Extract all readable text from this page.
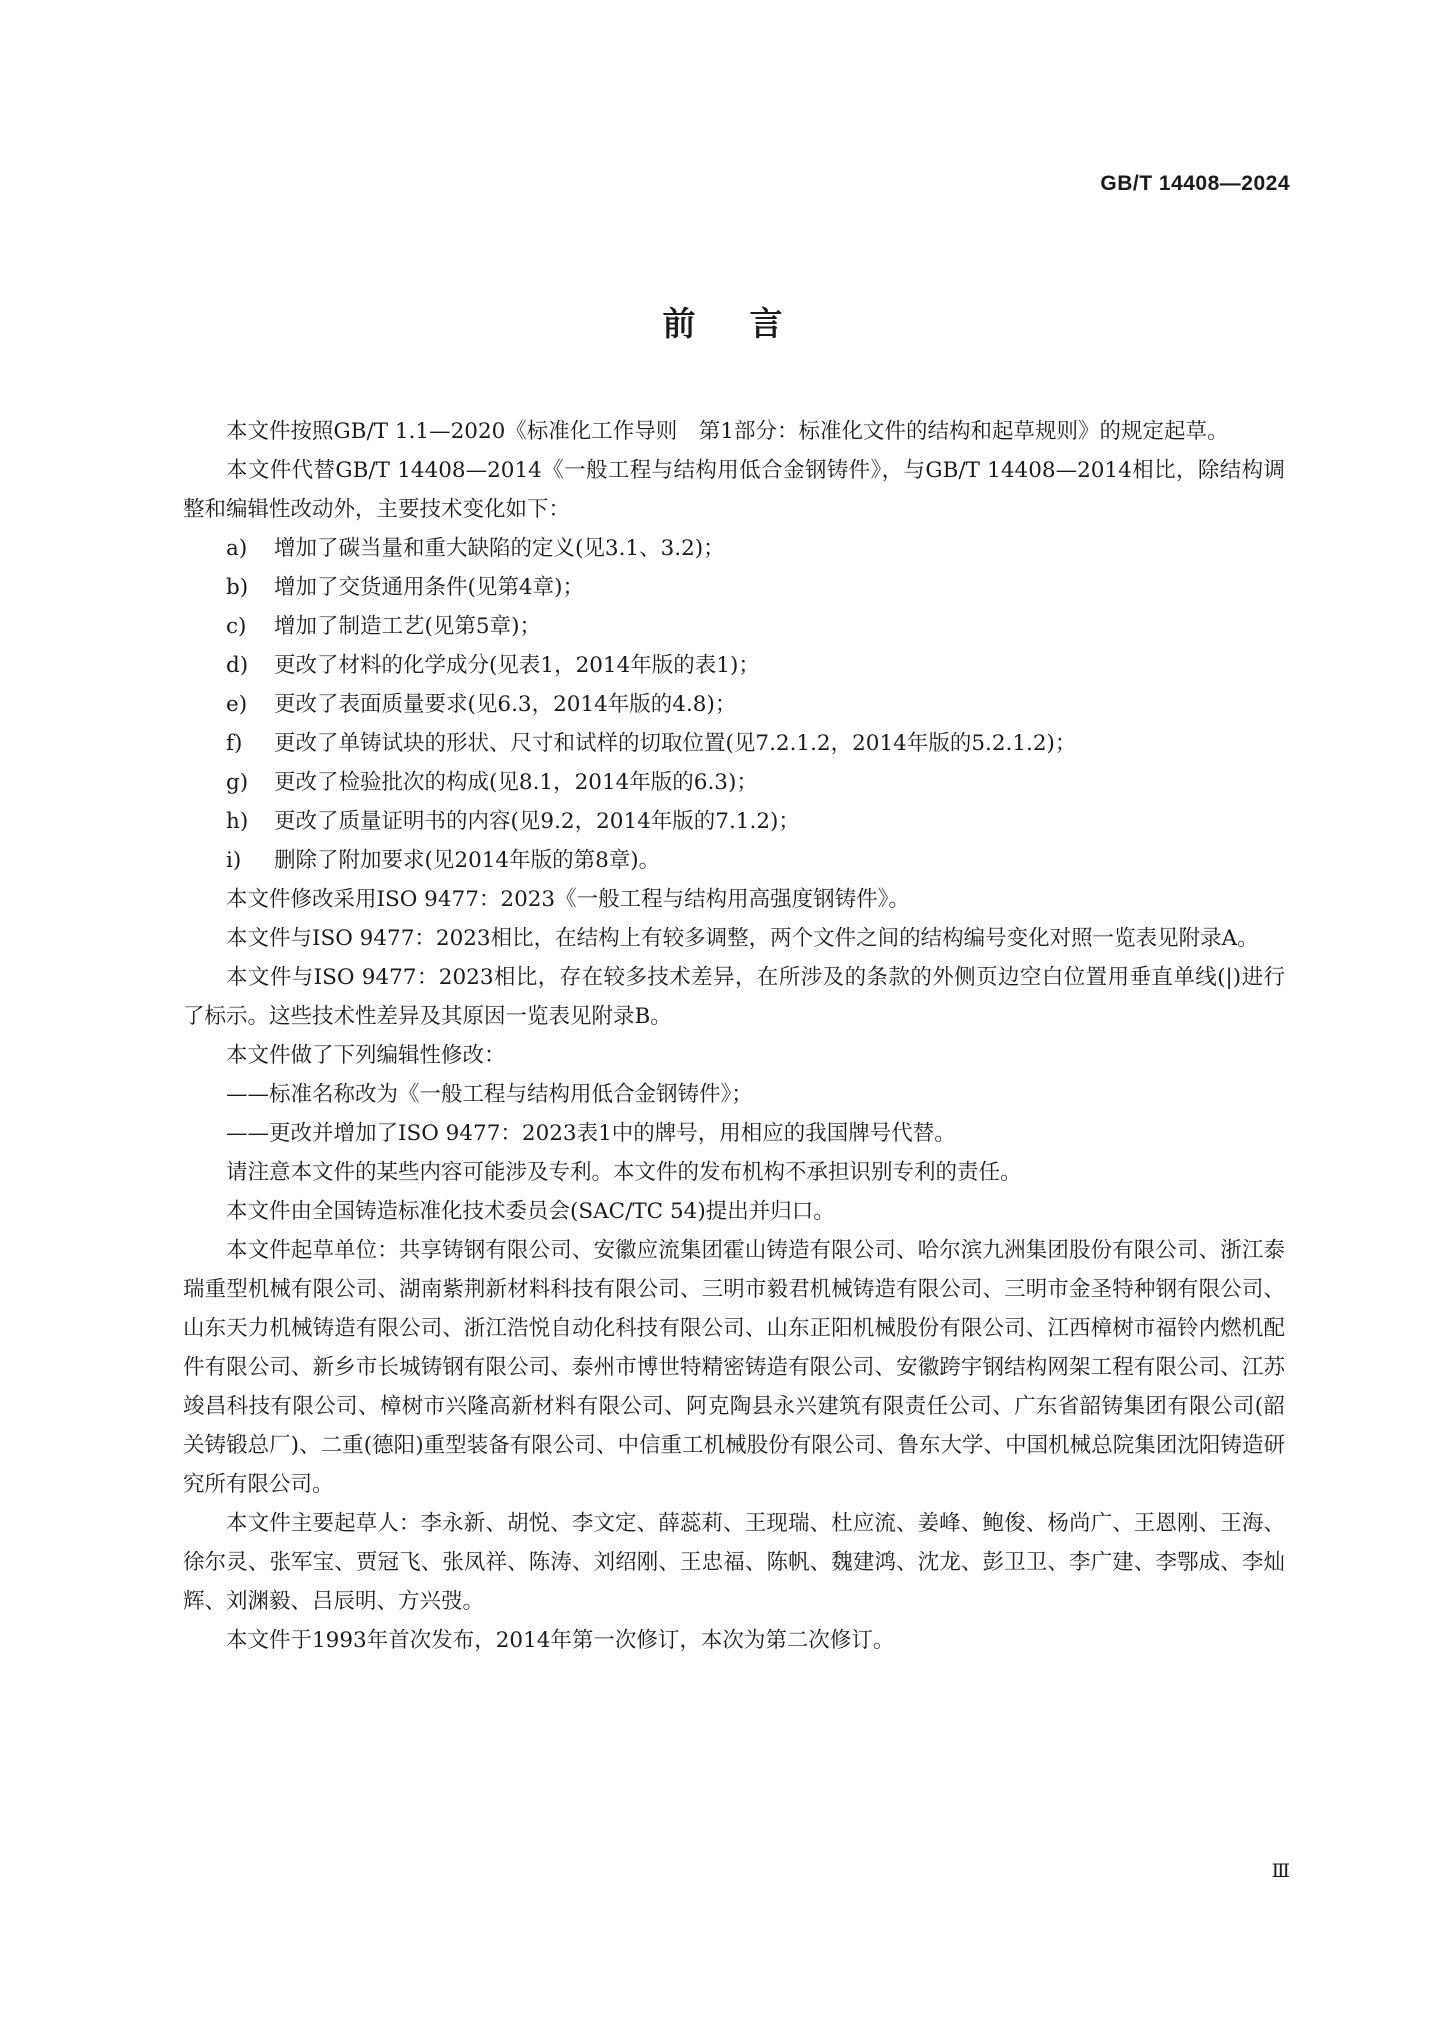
GB/T 14408—2024
前言

本文件按照GB/T 1.1—2020《标准化工作导则　第1部分：标准化文件的结构和起草规则》的规定起草。

本文件代替GB/T 14408—2014《一般工程与结构用低合金钢铸件》，与GB/T 14408—2014相比，除结构调整和编辑性改动外，主要技术变化如下：

a) 增加了碳当量和重大缺陷的定义(见3.1、3.2)；

b) 增加了交货通用条件(见第4章)；

c) 增加了制造工艺(见第5章)；

d) 更改了材料的化学成分(见表1，2014年版的表1)；

e) 更改了表面质量要求(见6.3，2014年版的4.8)；

f) 更改了单铸试块的形状、尺寸和试样的切取位置(见7.2.1.2，2014年版的5.2.1.2)；

g) 更改了检验批次的构成(见8.1，2014年版的6.3)；

h) 更改了质量证明书的内容(见9.2，2014年版的7.1.2)；

i) 删除了附加要求(见2014年版的第8章)。

本文件修改采用ISO 9477：2023《一般工程与结构用高强度钢铸件》。

本文件与ISO 9477：2023相比，在结构上有较多调整，两个文件之间的结构编号变化对照一览表见附录A。

本文件与ISO 9477：2023相比，存在较多技术差异，在所涉及的条款的外侧页边空白位置用垂直单线(|)进行了标示。这些技术性差异及其原因一览表见附录B。

本文件做了下列编辑性修改：

——标准名称改为《一般工程与结构用低合金钢铸件》；

——更改并增加了ISO 9477：2023表1中的牌号，用相应的我国牌号代替。

请注意本文件的某些内容可能涉及专利。本文件的发布机构不承担识别专利的责任。

本文件由全国铸造标准化技术委员会(SAC/TC 54)提出并归口。

本文件起草单位：共享铸钢有限公司、安徽应流集团霍山铸造有限公司、哈尔滨九洲集团股份有限公司、浙江泰瑞重型机械有限公司、湖南紫荆新材料科技有限公司、三明市毅君机械铸造有限公司、三明市金圣特种钢有限公司、山东天力机械铸造有限公司、浙江浩悦自动化科技有限公司、山东正阳机械股份有限公司、江西樟树市福铃内燃机配件有限公司、新乡市长城铸钢有限公司、泰州市博世特精密铸造有限公司、安徽跨宇钢结构网架工程有限公司、江苏竣昌科技有限公司、樟树市兴隆高新材料有限公司、阿克陶县永兴建筑有限责任公司、广东省韶铸集团有限公司(韶关铸锻总厂)、二重(德阳)重型装备有限公司、中信重工机械股份有限公司、鲁东大学、中国机械总院集团沈阳铸造研究所有限公司。

本文件主要起草人：李永新、胡悦、李文定、薛蕊莉、王现瑞、杜应流、姜峰、鲍俊、杨尚广、王恩刚、王海、徐尔灵、张军宝、贾冠飞、张凤祥、陈涛、刘绍刚、王忠福、陈帆、魏建鸿、沈龙、彭卫卫、李广建、李鄂成、李灿辉、刘渊毅、吕辰明、方兴弢。

本文件于1993年首次发布，2014年第一次修订，本次为第二次修订。

Ⅲ
